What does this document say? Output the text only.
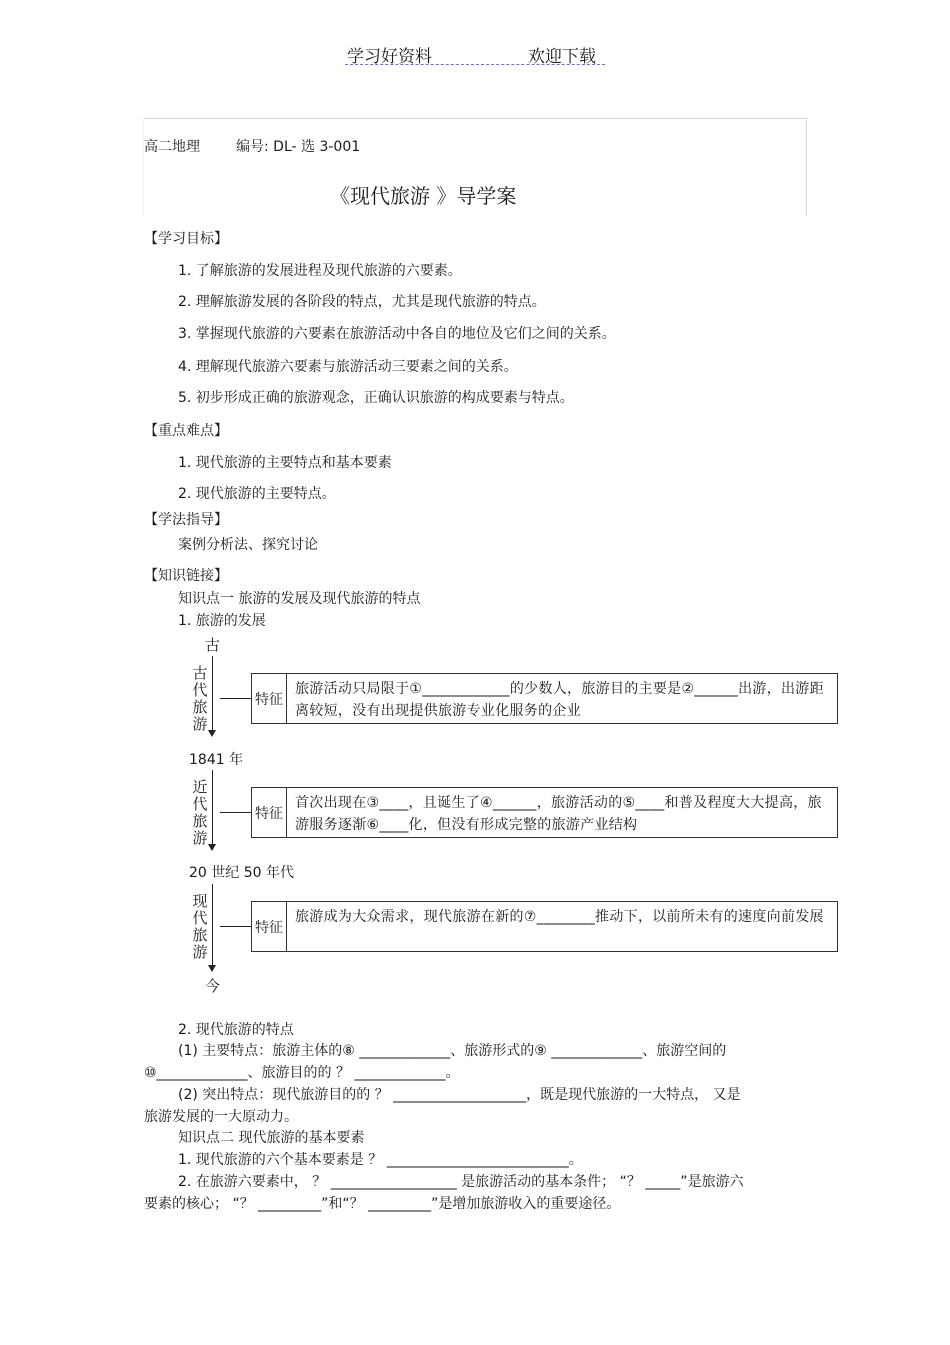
学习好资料	欢迎下载
高二地理	编号: DL- 选 3-001
《现代旅游 》导学案
【学习目标】
1. 了解旅游的发展进程及现代旅游的六要素。
2. 理解旅游发展的各阶段的特点，尤其是现代旅游的特点。
3. 掌握现代旅游的六要素在旅游活动中各自的地位及它们之间的关系。
4. 理解现代旅游六要素与旅游活动三要素之间的关系。
5. 初步形成正确的旅游观念，正确认识旅游的构成要素与特点。
【重点难点】
1. 现代旅游的主要特点和基本要素
2. 现代旅游的主要特点。
【学法指导】
案例分析法、探究讨论
【知识链接】
知识点一 旅游的发展及现代旅游的特点
1. 旅游的发展
古
古代旅游
特征
旅游活动只局限于①____________的少数人，旅游目的主要是②______出游，出游距离较短，没有出现提供旅游专业化服务的企业
1841 年
近代旅游
特征
首次出现在③____，且诞生了④______，旅游活动的⑤____和普及程度大大提高，旅游服务逐渐⑥____化，但没有形成完整的旅游产业结构
20 世纪 50 年代
现代旅游
特征
旅游成为大众需求，现代旅游在新的⑦________推动下，以前所未有的速度向前发展
今
2. 现代旅游的特点
(1) 主要特点：旅游主体的⑧ _____________、旅游形式的⑨ _____________、旅游空间的
⑩_____________、旅游目的的 ？ _____________。
(2) 突出特点：现代旅游目的的 ？ ___________________，既是现代旅游的一大特点， 又是
旅游发展的一大原动力。
知识点二 现代旅游的基本要素
1. 现代旅游的六个基本要素是 ？ __________________________。
2. 在旅游六要素中， ？ __________________ 是旅游活动的基本条件； “？ _____”是旅游六
要素的核心； “？ _________”和“？ _________”是增加旅游收入的重要途径。
